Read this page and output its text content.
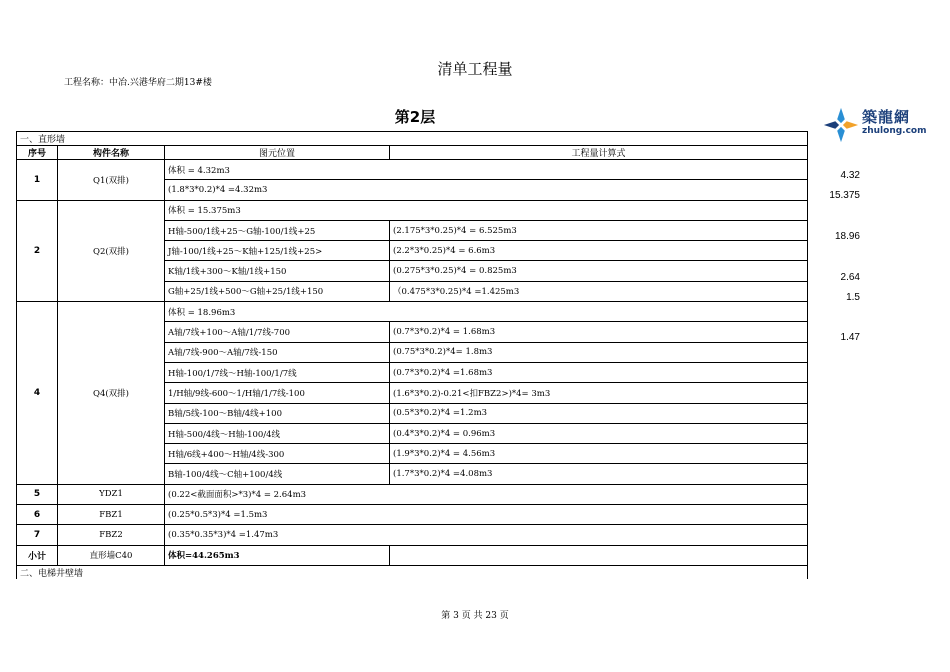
清单工程量
工程名称：中冶.兴港华府二期13#楼
第2层	築龍網
zhulong.com
一、直形墙			
序号	构件名称	图元位置	工程量计算式
1	Q1(双排)	体积 = 4.32m3	
		(1.8*3*0.2)*4 =4.32m3	
2	Q2(双排)	体积 = 15.375m3	
		H轴-500/1线+25～G轴-100/1线+25	(2.175*3*0.25)*4 = 6.525m3
		J轴-100/1线+25～K轴+125/1线+25>	(2.2*3*0.25)*4 = 6.6m3
		K轴/1线+300～K轴/1线+150	(0.275*3*0.25)*4 = 0.825m3
		G轴+25/1线+500～G轴+25/1线+150	（0.475*3*0.25)*4 =1.425m3
4	Q4(双排)	体积 = 18.96m3	
		A轴/7线+100～A轴/1/7线-700	(0.7*3*0.2)*4 = 1.68m3
		A轴/7线-900～A轴/7线-150	(0.75*3*0.2)*4= 1.8m3
		H轴-100/1/7线～H轴-100/1/7线	(0.7*3*0.2)*4 =1.68m3
		1/H轴/9线-600～1/H轴/1/7线-100	(1.6*3*0.2)-0.21<扣FBZ2>)*4= 3m3
		B轴/5线-100～B轴/4线+100	(0.5*3*0.2)*4 =1.2m3
		H轴-500/4线～H轴-100/4线	(0.4*3*0.2)*4 = 0.96m3
		H轴/6线+400～H轴/4线-300	(1.9*3*0.2)*4 = 4.56m3
		B轴-100/4线～C轴+100/4线	(1.7*3*0.2)*4 =4.08m3
5	YDZ1	(0.22<截面面积>*3)*4 = 2.64m3	
6	FBZ1	(0.25*0.5*3)*4 =1.5m3	
7	FBZ2	(0.35*0.35*3)*4 =1.47m3	
小计	直形墙C40	体积=44.265m3	
二、电梯井壁墙			
4.32
15.375
18.96
2.64
1.5
1.47
第 3 页 共 23 页
